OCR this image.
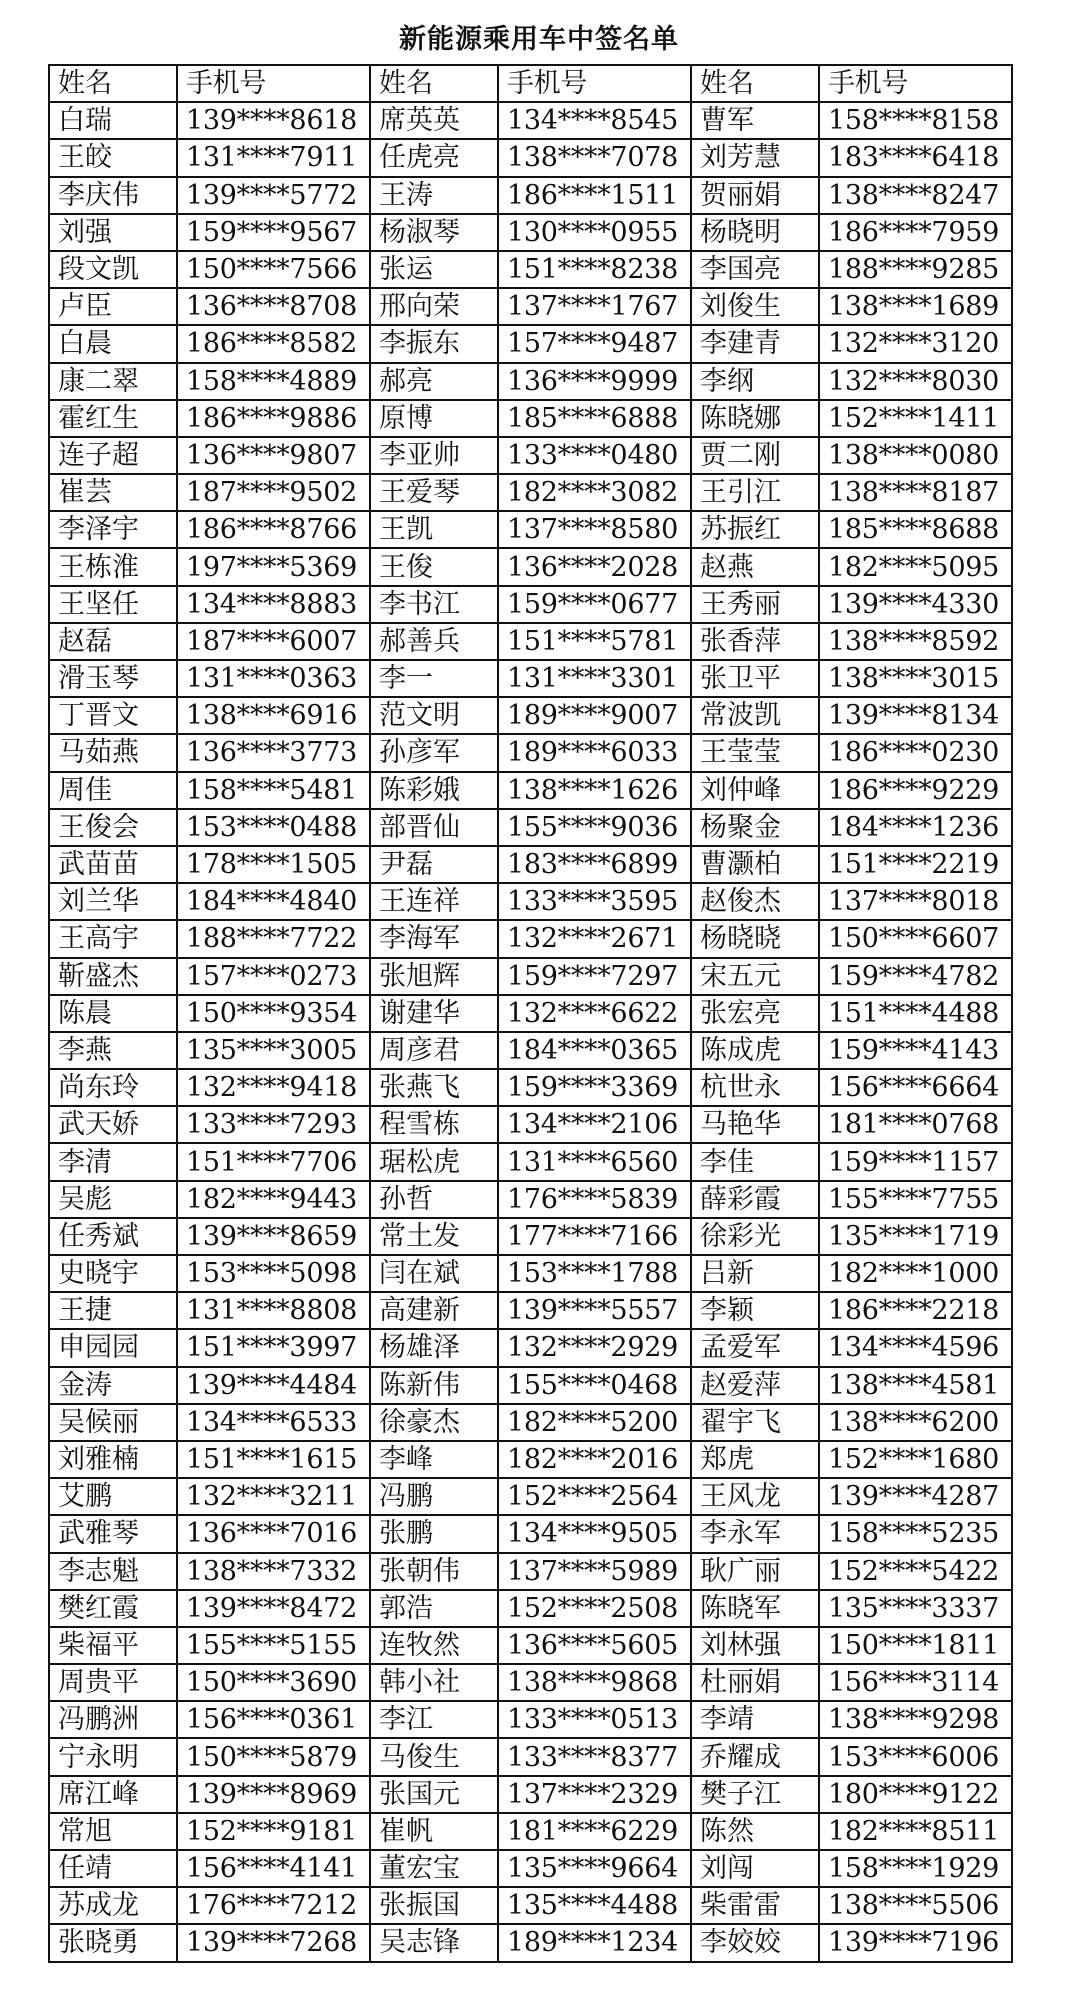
新能源乘用车中签名单
姓名	手机号	姓名	手机号	姓名	手机号
白瑞	139****8618	席英英	134****8545	曹军	158****8158
王皎	131****7911	任虎亮	138****7078	刘芳慧	183****6418
李庆伟	139****5772	王涛	186****1511	贺丽娟	138****8247
刘强	159****9567	杨淑琴	130****0955	杨晓明	186****7959
段文凯	150****7566	张运	151****8238	李国亮	188****9285
卢臣	136****8708	邢向荣	137****1767	刘俊生	138****1689
白晨	186****8582	李振东	157****9487	李建青	132****3120
康二翠	158****4889	郝亮	136****9999	李纲	132****8030
霍红生	186****9886	原博	185****6888	陈晓娜	152****1411
连子超	136****9807	李亚帅	133****0480	贾二刚	138****0080
崔芸	187****9502	王爱琴	182****3082	王引江	138****8187
李泽宇	186****8766	王凯	137****8580	苏振红	185****8688
王栋淮	197****5369	王俊	136****2028	赵燕	182****5095
王坚任	134****8883	李书江	159****0677	王秀丽	139****4330
赵磊	187****6007	郝善兵	151****5781	张香萍	138****8592
滑玉琴	131****0363	李一	131****3301	张卫平	138****3015
丁晋文	138****6916	范文明	189****9007	常波凯	139****8134
马茹燕	136****3773	孙彦军	189****6033	王莹莹	186****0230
周佳	158****5481	陈彩娥	138****1626	刘仲峰	186****9229
王俊会	153****0488	部晋仙	155****9036	杨聚金	184****1236
武苗苗	178****1505	尹磊	183****6899	曹灏柏	151****2219
刘兰华	184****4840	王连祥	133****3595	赵俊杰	137****8018
王高宇	188****7722	李海军	132****2671	杨晓晓	150****6607
靳盛杰	157****0273	张旭辉	159****7297	宋五元	159****4782
陈晨	150****9354	谢建华	132****6622	张宏亮	151****4488
李燕	135****3005	周彦君	184****0365	陈成虎	159****4143
尚东玲	132****9418	张燕飞	159****3369	杭世永	156****6664
武天娇	133****7293	程雪栋	134****2106	马艳华	181****0768
李清	151****7706	琚松虎	131****6560	李佳	159****1157
吴彪	182****9443	孙哲	176****5839	薛彩霞	155****7755
任秀斌	139****8659	常土发	177****7166	徐彩光	135****1719
史晓宇	153****5098	闫在斌	153****1788	吕新	182****1000
王捷	131****8808	高建新	139****5557	李颖	186****2218
申园园	151****3997	杨雄泽	132****2929	孟爱军	134****4596
金涛	139****4484	陈新伟	155****0468	赵爱萍	138****4581
吴候丽	134****6533	徐豪杰	182****5200	翟宇飞	138****6200
刘雅楠	151****1615	李峰	182****2016	郑虎	152****1680
艾鹏	132****3211	冯鹏	152****2564	王风龙	139****4287
武雅琴	136****7016	张鹏	134****9505	李永军	158****5235
李志魁	138****7332	张朝伟	137****5989	耿广丽	152****5422
樊红霞	139****8472	郭浩	152****2508	陈晓军	135****3337
柴福平	155****5155	连牧然	136****5605	刘林强	150****1811
周贵平	150****3690	韩小社	138****9868	杜丽娟	156****3114
冯鹏洲	156****0361	李江	133****0513	李靖	138****9298
宁永明	150****5879	马俊生	133****8377	乔耀成	153****6006
席江峰	139****8969	张国元	137****2329	樊子江	180****9122
常旭	152****9181	崔帆	181****6229	陈然	182****8511
任靖	156****4141	董宏宝	135****9664	刘闯	158****1929
苏成龙	176****7212	张振国	135****4488	柴雷雷	138****5506
张晓勇	139****7268	吴志锋	189****1234	李姣姣	139****7196
